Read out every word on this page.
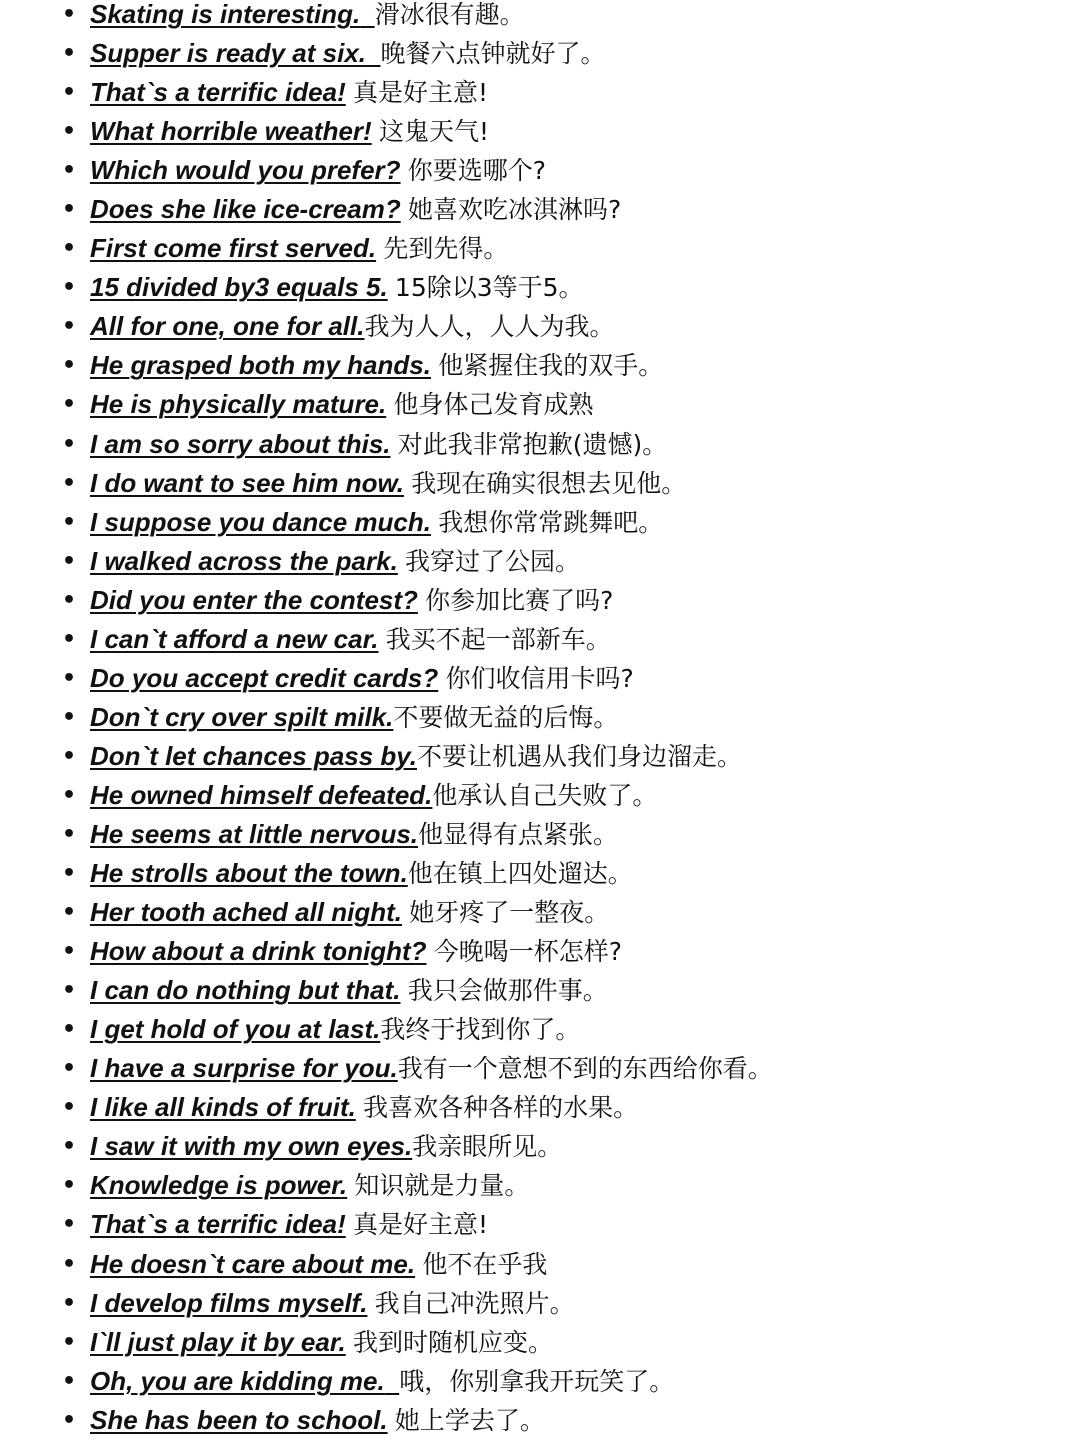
• Skating is interesting. 滑冰很有趣。
• Supper is ready at six. 晚餐六点钟就好了。
• That`s a terrific idea! 真是好主意!
• What horrible weather! 这鬼天气!
• Which would you prefer? 你要选哪个?
• Does she like ice-cream? 她喜欢吃冰淇淋吗?
• First come first served. 先到先得。
• 15 divided by3 equals 5. 15除以3等于5。
• All for one, one for all.我为人人，人人为我。
• He grasped both my hands. 他紧握住我的双手。
• He is physically mature. 他身体己发育成熟
• I am so sorry about this. 对此我非常抱歉(遗憾)。
• I do want to see him now. 我现在确实很想去见他。
• I suppose you dance much. 我想你常常跳舞吧。
• I walked across the park. 我穿过了公园。
• Did you enter the contest? 你参加比赛了吗?
• I can`t afford a new car. 我买不起一部新车。
• Do you accept credit cards? 你们收信用卡吗?
• Don`t cry over spilt milk.不要做无益的后悔。
• Don`t let chances pass by.不要让机遇从我们身边溜走。
• He owned himself defeated.他承认自己失败了。
• He seems at little nervous.他显得有点紧张。
• He strolls about the town.他在镇上四处遛达。
• Her tooth ached all night. 她牙疼了一整夜。
• How about a drink tonight? 今晚喝一杯怎样?
• I can do nothing but that. 我只会做那件事。
• I get hold of you at last.我终于找到你了。
• I have a surprise for you.我有一个意想不到的东西给你看。
• I like all kinds of fruit. 我喜欢各种各样的水果。
• I saw it with my own eyes.我亲眼所见。
• Knowledge is power. 知识就是力量。
• That`s a terrific idea! 真是好主意!
• He doesn`t care about me. 他不在乎我
• I develop films myself. 我自己冲洗照片。
• I`ll just play it by ear. 我到时随机应变。
• Oh, you are kidding me. 哦，你别拿我开玩笑了。
• She has been to school. 她上学去了。
